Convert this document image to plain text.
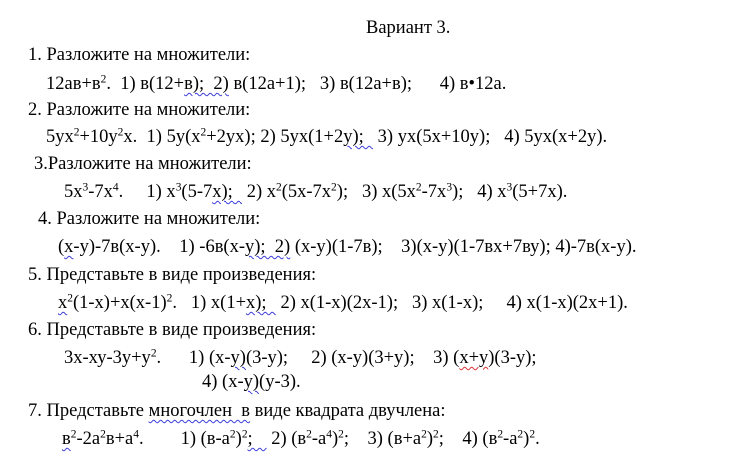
Вариант 3.
1. Разложите на множители:
$12ав+в^2$.  1) в(12+в);  2) в(12а+1);   3) в(12а+в);      4) в•12а.
2. Разложите на множители:
$5ух^2+10у^2х$.  1) $5у(х^2+2ух)$; 2) 5ух(1+2у);   3) ух(5х+10у);   4) 5ух(х+2у).
3.Разложите на множители:
$5х^3-7х^4$.     1) $х^3(5-7х)$;   2) $х^2(5х-7х^2)$;   3) $х(5х^2-7х^3)$;   4) $х^3(5+7х)$.
4. Разложите на множители:
(х-у)-7в(х-у).    1) -6в(х-у);  2) (х-у)(1-7в);    3)(х-у)(1-7вх+7ву); 4)-7в(х-у).
5. Представьте в виде произведения:
$х^2(1-х)+х(х-1)^2$.   1) х(1+х);   2) х(1-х)(2х-1);   3) х(1-х);     4) х(1-х)(2х+1).
6. Представьте в виде произведения:
$3х-ху-3у+у^2$.      1) (х-у)(3-у);     2) (х-у)(3+у);    3) (х+у)(3-у);
4) (х-у)(у-3).
7. Представьте многочлен  в виде квадрата двучлена:
$в^2-2а^2в+а^4$.        1) $(в-а^2)^2$;    2) $(в^2-а^4)^2$;    3) $(в+а^2)^2$;    4) $(в^2-а^2)^2$.
